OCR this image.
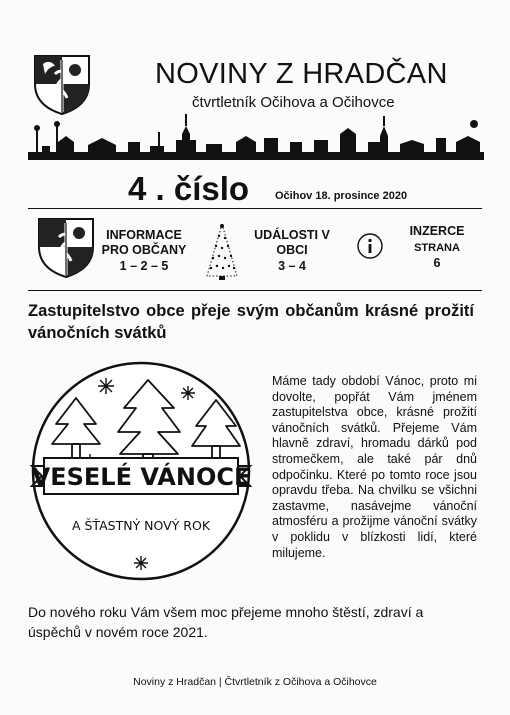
NOVINY Z HRADČAN
čtvrtletník Očihova a Očihovce
4 . číslo Očihov 18. prosince 2020
INFORMACE PRO OBČANY
1 – 2 – 5
UDÁLOSTI V OBCI
3 – 4
INZERCE
STRANA
6
Zastupitelstvo obce přeje svým občanům krásné prožití vánočních svátků
VESELÉ VÁNOCE
A ŠŤASTNÝ NOVÝ ROK
Máme tady období Vánoc, proto mi dovolte, popřát Vám jménem zastupitelstva obce, krásné prožití vánočních svátků. Přejeme Vám hlavně zdraví, hromadu dárků pod stromečkem, ale také pár dnů odpočinku. Které po tomto roce jsou opravdu třeba. Na chvilku se všichni zastavme, nasávejme vánoční atmosféru a prožijme vánoční svátky v poklidu v blízkosti lidí, které milujeme.
Do nového roku Vám všem moc přejeme mnoho štěstí, zdraví a úspěchů v novém roce 2021.
Noviny z Hradčan | Čtvrtletník z Očihova a Očihovce
